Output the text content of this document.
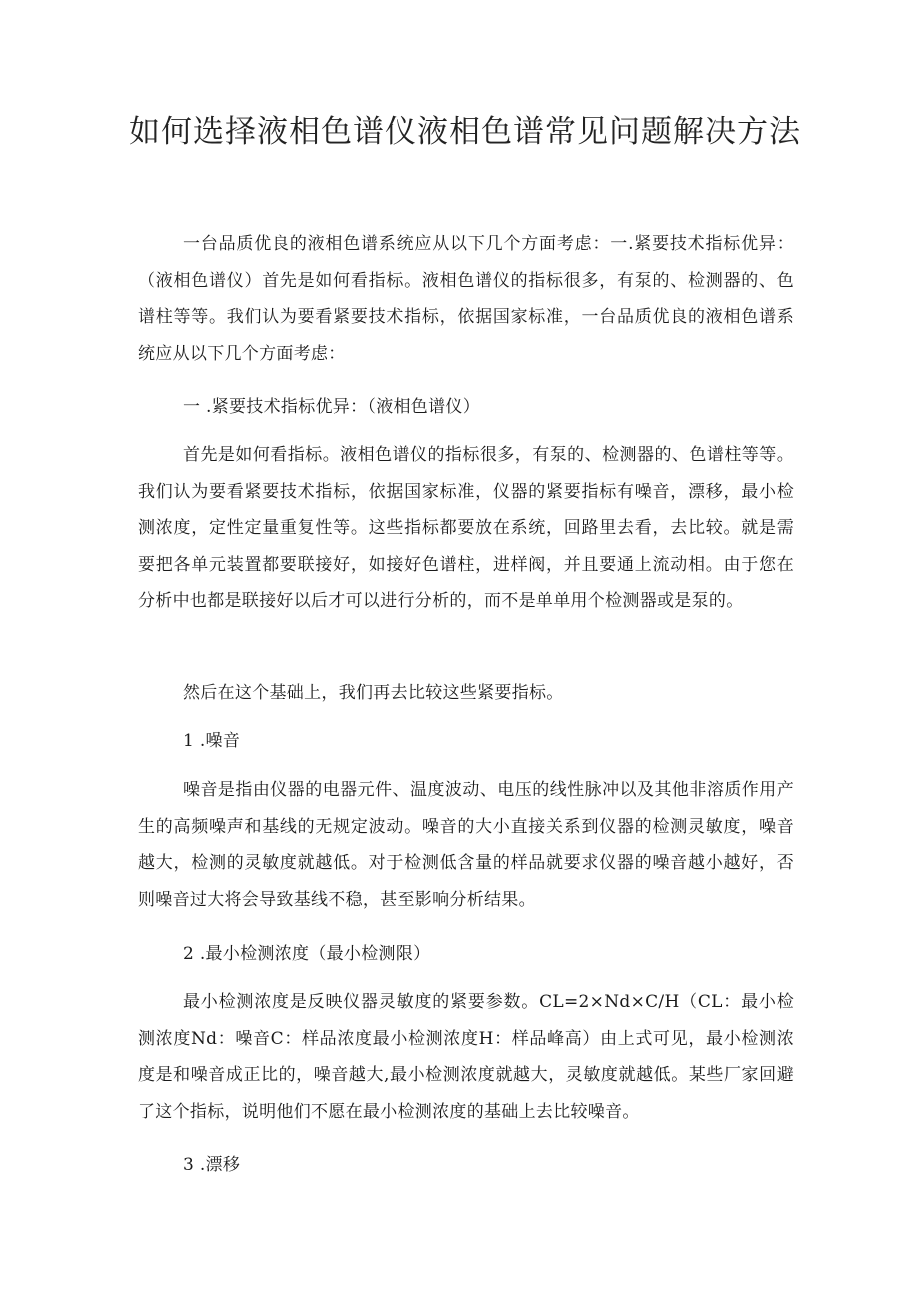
如何选择液相色谱仪液相色谱常见问题解决方法

一台品质优良的液相色谱系统应从以下几个方面考虑：一.紧要技术指标优异：（液相色谱仪）首先是如何看指标。液相色谱仪的指标很多，有泵的、检测器的、色谱柱等等。我们认为要看紧要技术指标，依据国家标准，一台品质优良的液相色谱系统应从以下几个方面考虑：

一 .紧要技术指标优异：（液相色谱仪）

首先是如何看指标。液相色谱仪的指标很多，有泵的、检测器的、色谱柱等等。我们认为要看紧要技术指标，依据国家标准，仪器的紧要指标有噪音，漂移，最小检测浓度，定性定量重复性等。这些指标都要放在系统，回路里去看，去比较。就是需要把各单元装置都要联接好，如接好色谱柱，进样阀，并且要通上流动相。由于您在分析中也都是联接好以后才可以进行分析的，而不是单单用个检测器或是泵的。

然后在这个基础上，我们再去比较这些紧要指标。

1 .噪音

噪音是指由仪器的电器元件、温度波动、电压的线性脉冲以及其他非溶质作用产生的高频噪声和基线的无规定波动。噪音的大小直接关系到仪器的检测灵敏度，噪音越大，检测的灵敏度就越低。对于检测低含量的样品就要求仪器的噪音越小越好，否则噪音过大将会导致基线不稳，甚至影响分析结果。

2 .最小检测浓度（最小检测限）

最小检测浓度是反映仪器灵敏度的紧要参数。CL=2×Nd×C/H（CL：最小检测浓度Nd：噪音C：样品浓度最小检测浓度H：样品峰高）由上式可见，最小检测浓度是和噪音成正比的，噪音越大,最小检测浓度就越大，灵敏度就越低。某些厂家回避了这个指标，说明他们不愿在最小检测浓度的基础上去比较噪音。

3 .漂移
